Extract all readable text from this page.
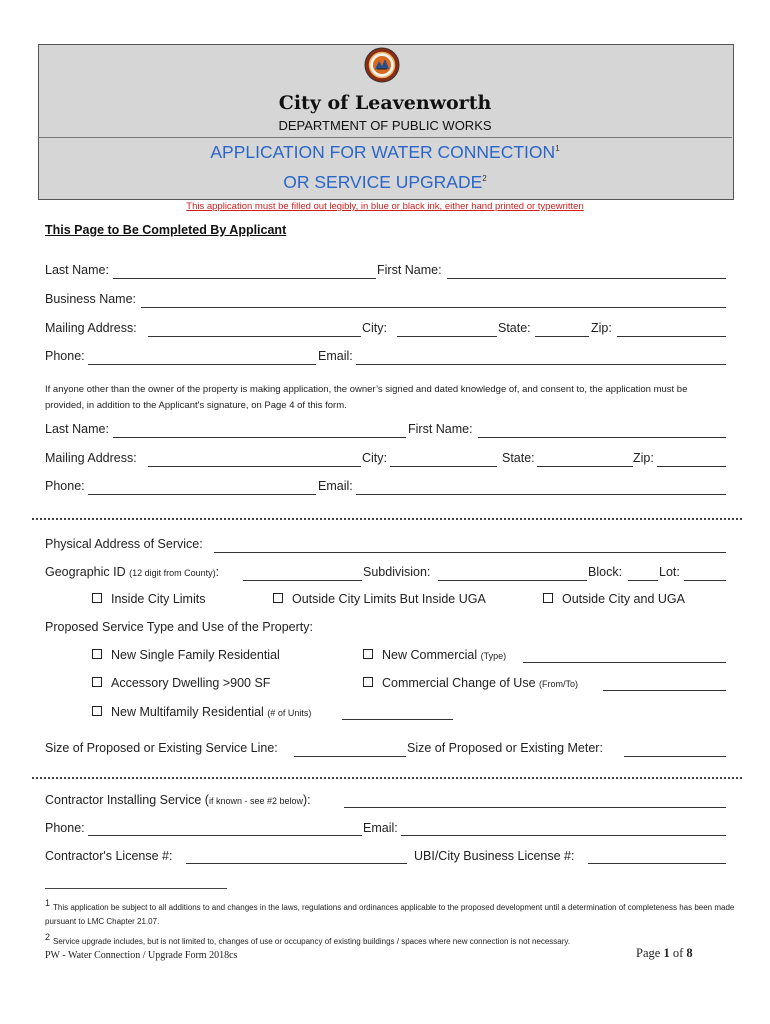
City of Leavenworth
DEPARTMENT OF PUBLIC WORKS
APPLICATION FOR WATER CONNECTION$^1$
OR SERVICE UPGRADE$^2$
This application must be filled out legibly, in blue or black ink, either hand printed or typewritten
This Page to Be Completed By Applicant
Last Name:	First Name:
Business Name:
Mailing Address:	City:	State:	Zip:
Phone:	Email:
If anyone other than the owner of the property is making application, the owner’s signed and dated knowledge of, and consent to, the application must be provided, in addition to the Applicant's signature, on Page 4 of this form.
Last Name:	First Name:
Mailing Address:	City:	State:	Zip:
Phone:	Email:
Physical Address of Service:
Geographic ID (12 digit from County):	Subdivision:	Block:	Lot:
Inside City Limits	Outside City Limits But Inside UGA	Outside City and UGA
Proposed Service Type and Use of the Property:
New Single Family Residential	New Commercial (Type)
Accessory Dwelling >900 SF	Commercial Change of Use (From/To)
New Multifamily Residential (# of Units)
Size of Proposed or Existing Service Line:	Size of Proposed or Existing Meter:
Contractor Installing Service (if known - see #2 below):
Phone:	Email:
Contractor's License #:	UBI/City Business License #:
1 This application be subject to all additions to and changes in the laws, regulations and ordinances applicable to the proposed development until a determination of completeness has been made pursuant to LMC Chapter 21.07.
2 Service upgrade includes, but is not limited to, changes of use or occupancy of existing buildings / spaces where new connection is not necessary.
PW - Water Connection / Upgrade Form 2018cs	Page 1 of 8
